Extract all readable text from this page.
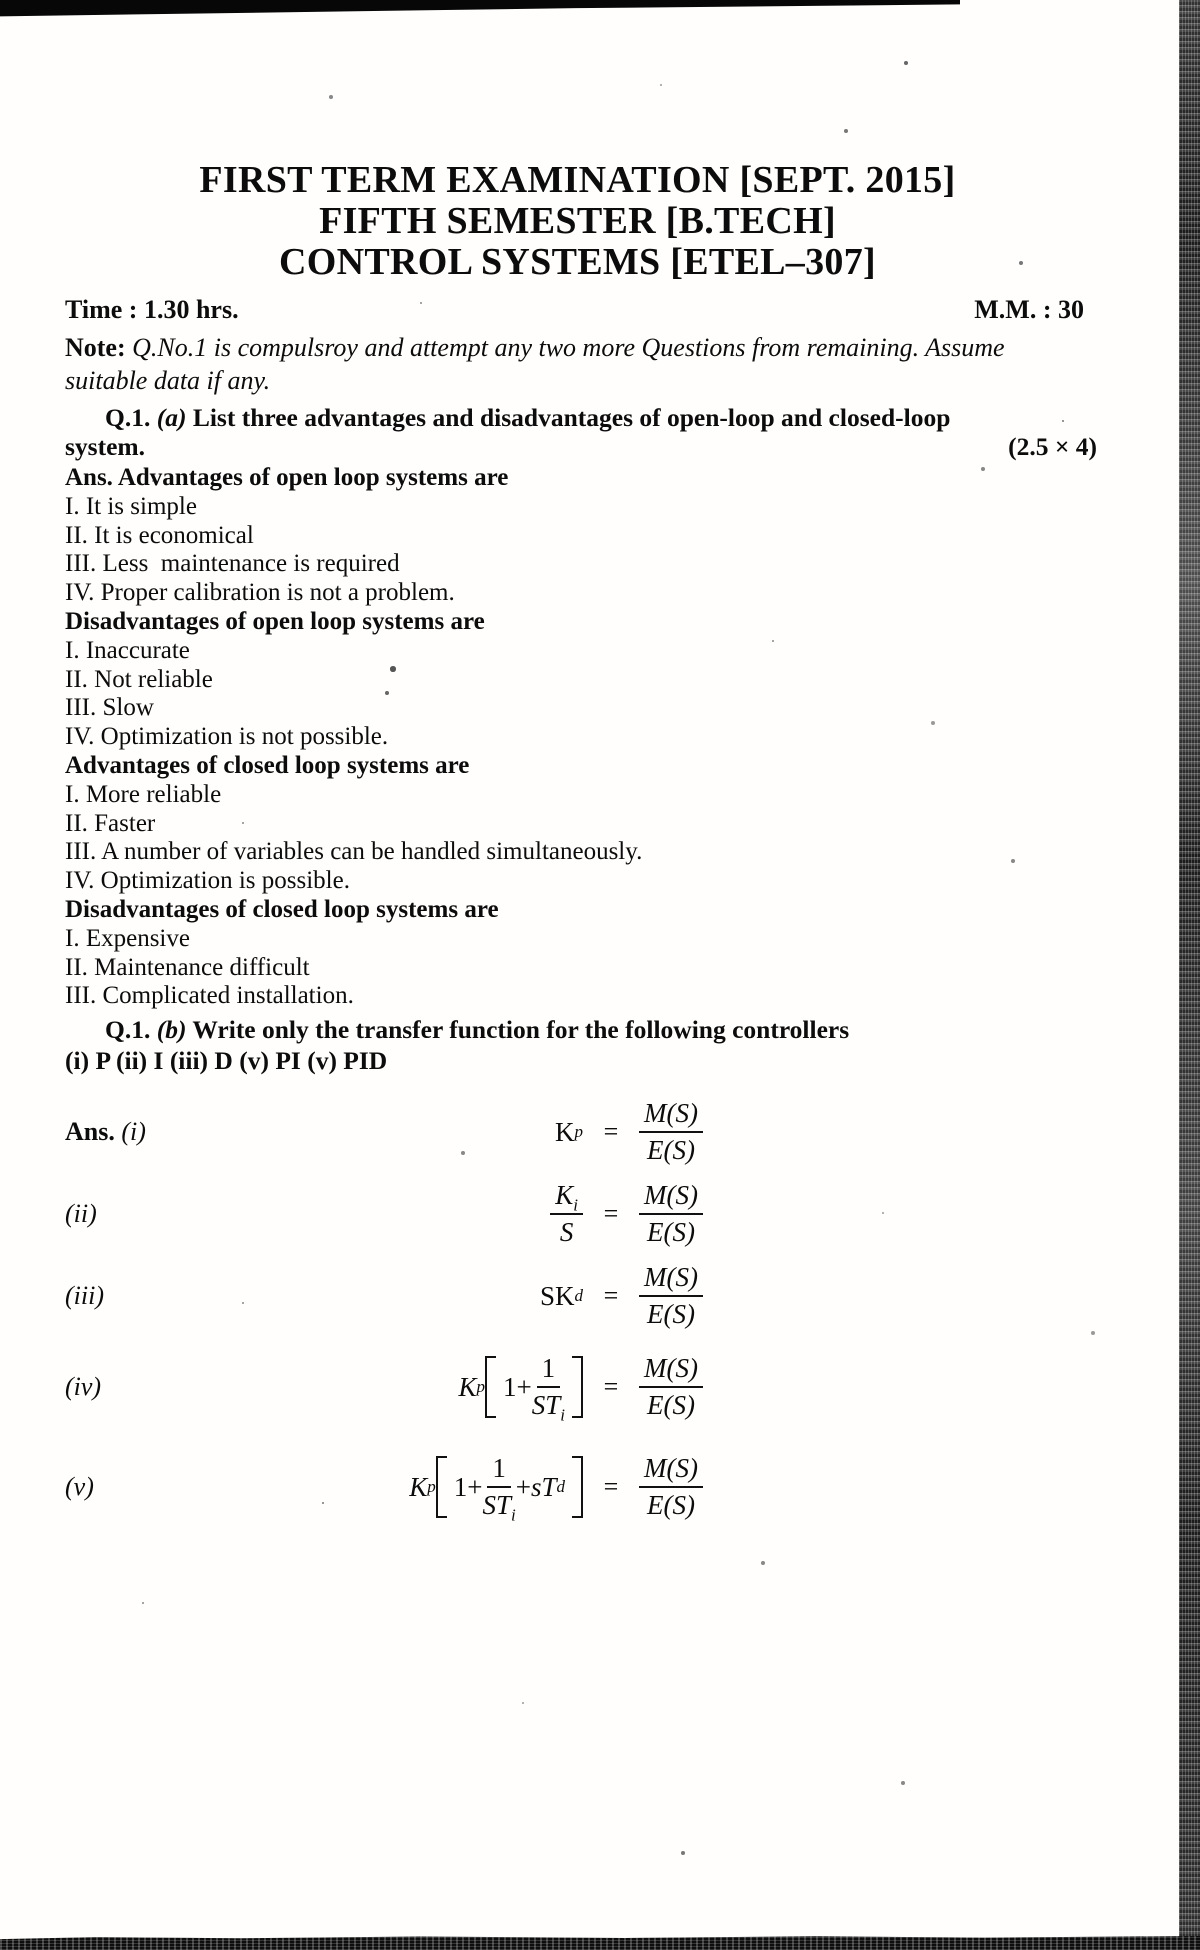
FIRST TERM EXAMINATION [SEPT. 2015]
FIFTH SEMESTER [B.TECH]
CONTROL SYSTEMS [ETEL–307]
Time : 1.30 hrs.	M.M. : 30

Note: Q.No.1 is compulsroy and attempt any two more Questions from remaining. Assume suitable data if any.

Q.1. (a) List three advantages and disadvantages of open-loop and closed-loop system.	(2.5 × 4)

Ans. Advantages of open loop systems are

I. It is simple

II. It is economical

III. Less  maintenance is required

IV. Proper calibration is not a problem.

Disadvantages of open loop systems are

I. Inaccurate

II. Not reliable

III. Slow

IV. Optimization is not possible.

Advantages of closed loop systems are

I. More reliable

II. Faster

III. A number of variables can be handled simultaneously.

IV. Optimization is possible.

Disadvantages of closed loop systems are

I. Expensive

II. Maintenance difficult

III. Complicated installation.

Q.1. (b) Write only the transfer function for the following controllers

(i) P (ii) I (iii) D (v) PI (v) PID

Ans. (i)	K $p = \frac{M(S)}{E(S)}$
(ii)	$\frac{K_i}{S} = \frac{M(S)}{E(S)}$
(iii)	SK $d = \frac{M(S)}{E(S)}$
(iv)	K p $1+ \frac{1}{ST_i}$	= $\frac{M(S)}{E(S)}$
(v)	K p $1+ \frac{1}{ST_i}$ + sT d	= $\frac{M(S)}{E(S)}$
